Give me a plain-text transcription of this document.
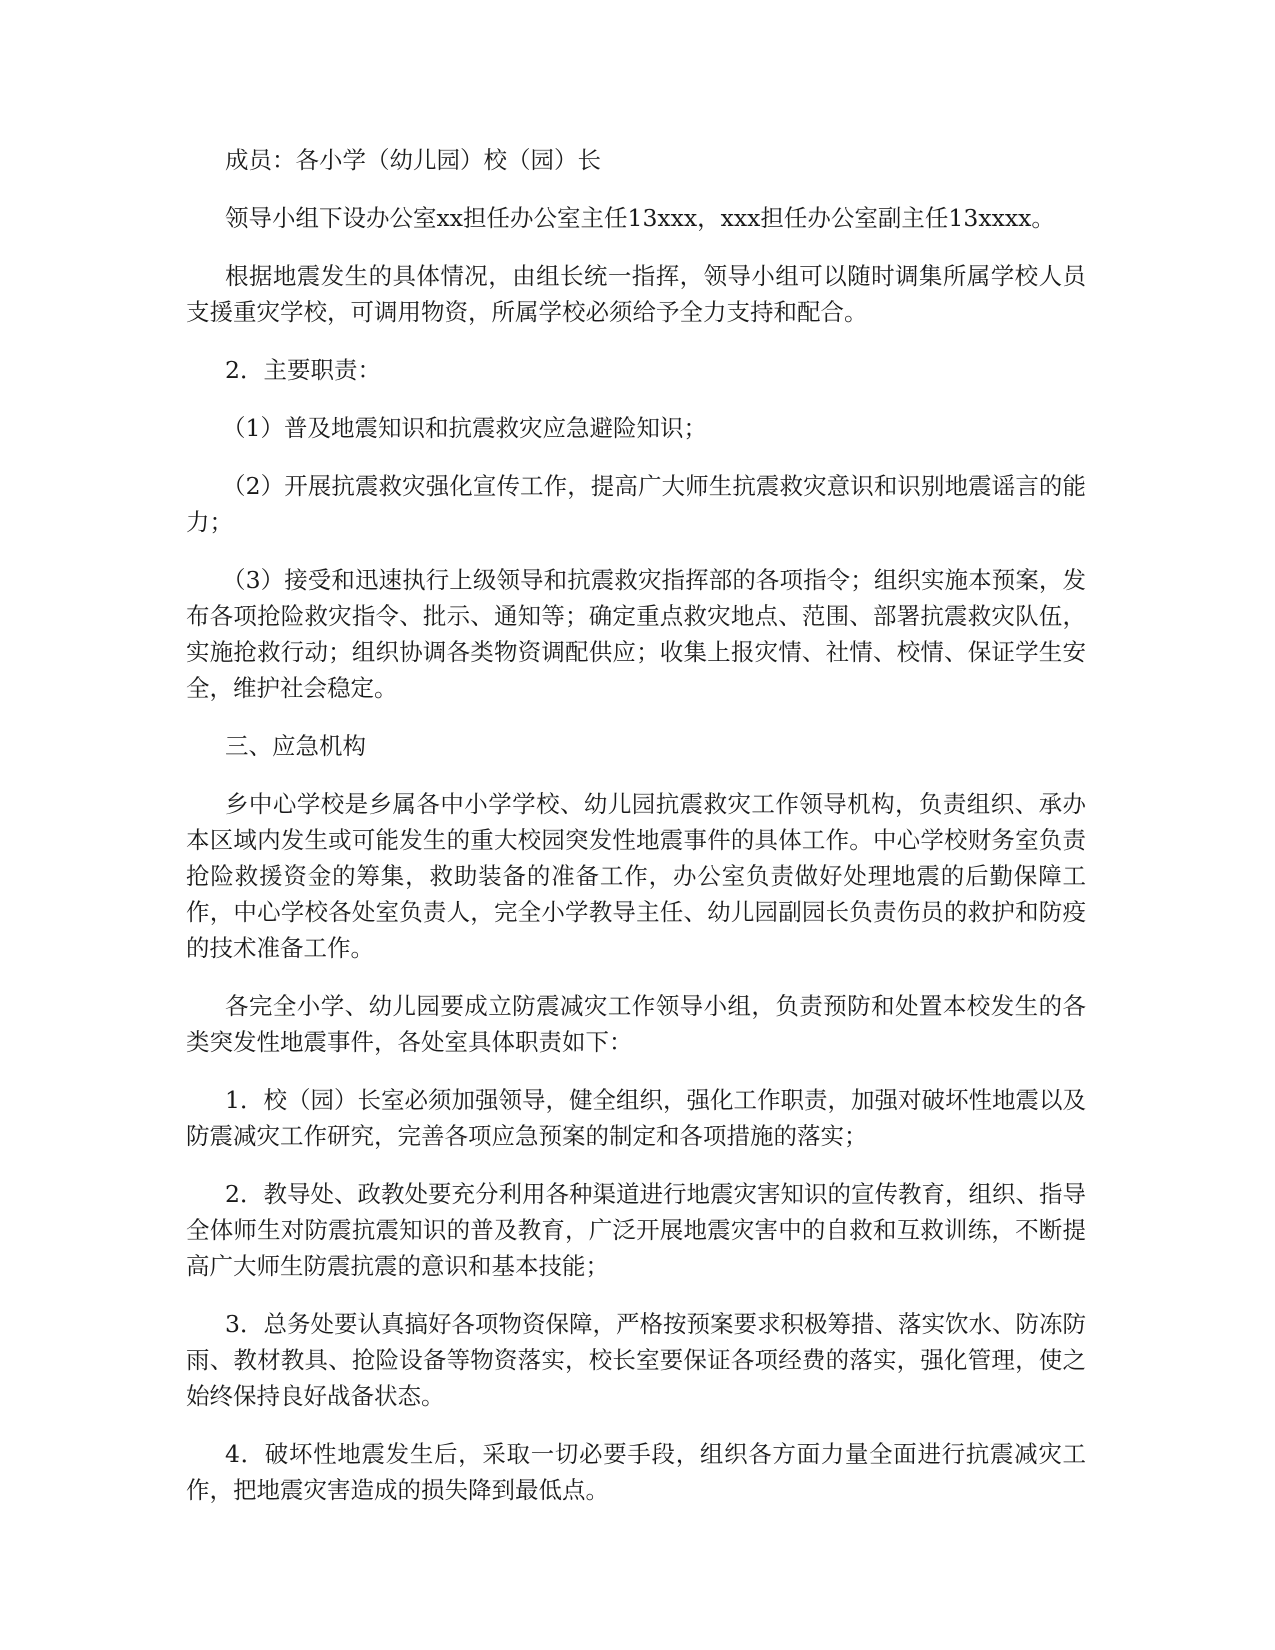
成员：各小学（幼儿园）校（园）长

领导小组下设办公室xx担任办公室主任13xxx，xxx担任办公室副主任13xxxx。

根据地震发生的具体情况，由组长统一指挥，领导小组可以随时调集所属学校人员支援重灾学校，可调用物资，所属学校必须给予全力支持和配合。

2．主要职责：

（1）普及地震知识和抗震救灾应急避险知识；

（2）开展抗震救灾强化宣传工作，提高广大师生抗震救灾意识和识别地震谣言的能力；

（3）接受和迅速执行上级领导和抗震救灾指挥部的各项指令；组织实施本预案，发布各项抢险救灾指令、批示、通知等；确定重点救灾地点、范围、部署抗震救灾队伍，实施抢救行动；组织协调各类物资调配供应；收集上报灾情、社情、校情、保证学生安全，维护社会稳定。

三、应急机构

乡中心学校是乡属各中小学学校、幼儿园抗震救灾工作领导机构，负责组织、承办本区域内发生或可能发生的重大校园突发性地震事件的具体工作。中心学校财务室负责抢险救援资金的筹集，救助装备的准备工作，办公室负责做好处理地震的后勤保障工作，中心学校各处室负责人，完全小学教导主任、幼儿园副园长负责伤员的救护和防疫的技术准备工作。

各完全小学、幼儿园要成立防震减灾工作领导小组，负责预防和处置本校发生的各类突发性地震事件，各处室具体职责如下：

1．校（园）长室必须加强领导，健全组织，强化工作职责，加强对破坏性地震以及防震减灾工作研究，完善各项应急预案的制定和各项措施的落实；

2．教导处、政教处要充分利用各种渠道进行地震灾害知识的宣传教育，组织、指导全体师生对防震抗震知识的普及教育，广泛开展地震灾害中的自救和互救训练，不断提高广大师生防震抗震的意识和基本技能；

3．总务处要认真搞好各项物资保障，严格按预案要求积极筹措、落实饮水、防冻防雨、教材教具、抢险设备等物资落实，校长室要保证各项经费的落实，强化管理，使之始终保持良好战备状态。

4．破坏性地震发生后，采取一切必要手段，组织各方面力量全面进行抗震减灾工作，把地震灾害造成的损失降到最低点。
